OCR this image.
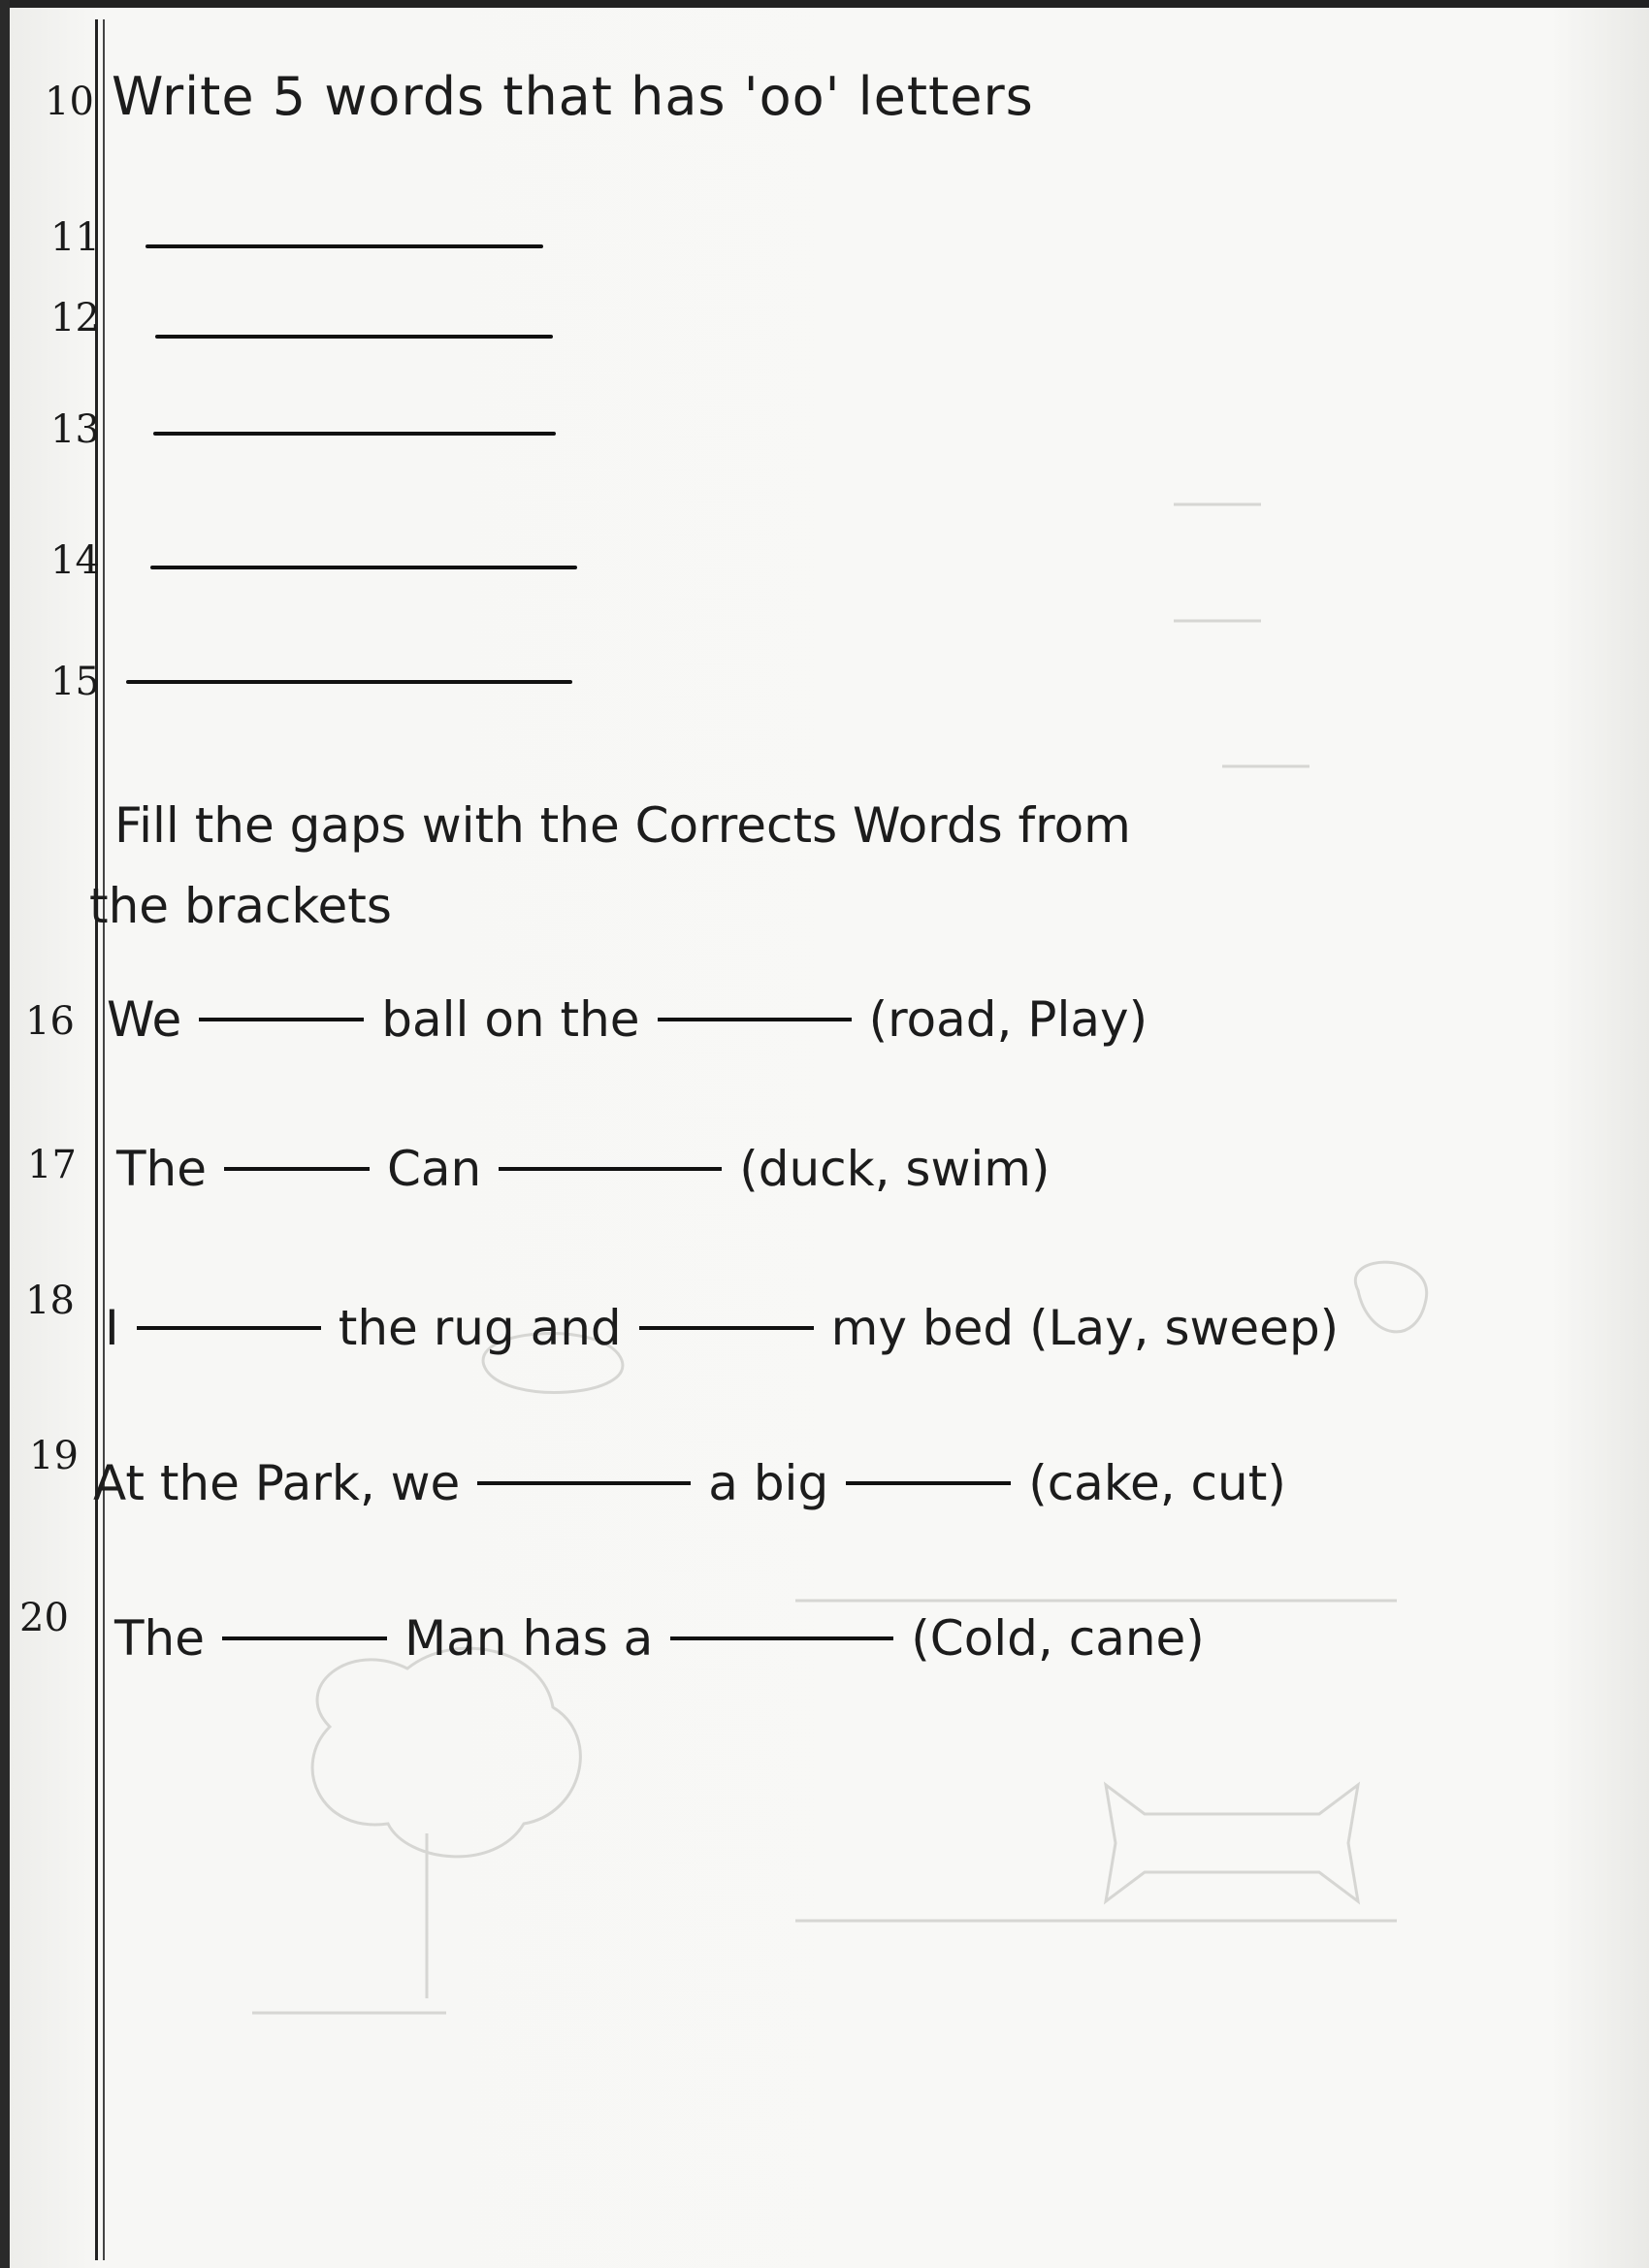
10 Write 5 words that has 'oo' letters
11
12
13
14
15
Fill the gaps with the Corrects Words from
the brackets
16 We	ball on the	(road, Play)
17 The	Can	(duck, swim)
18 I	the rug and	my bed (Lay, sweep)
19 At the Park, we	a big	(cake, cut)
20 The	Man has a	(Cold, cane)
